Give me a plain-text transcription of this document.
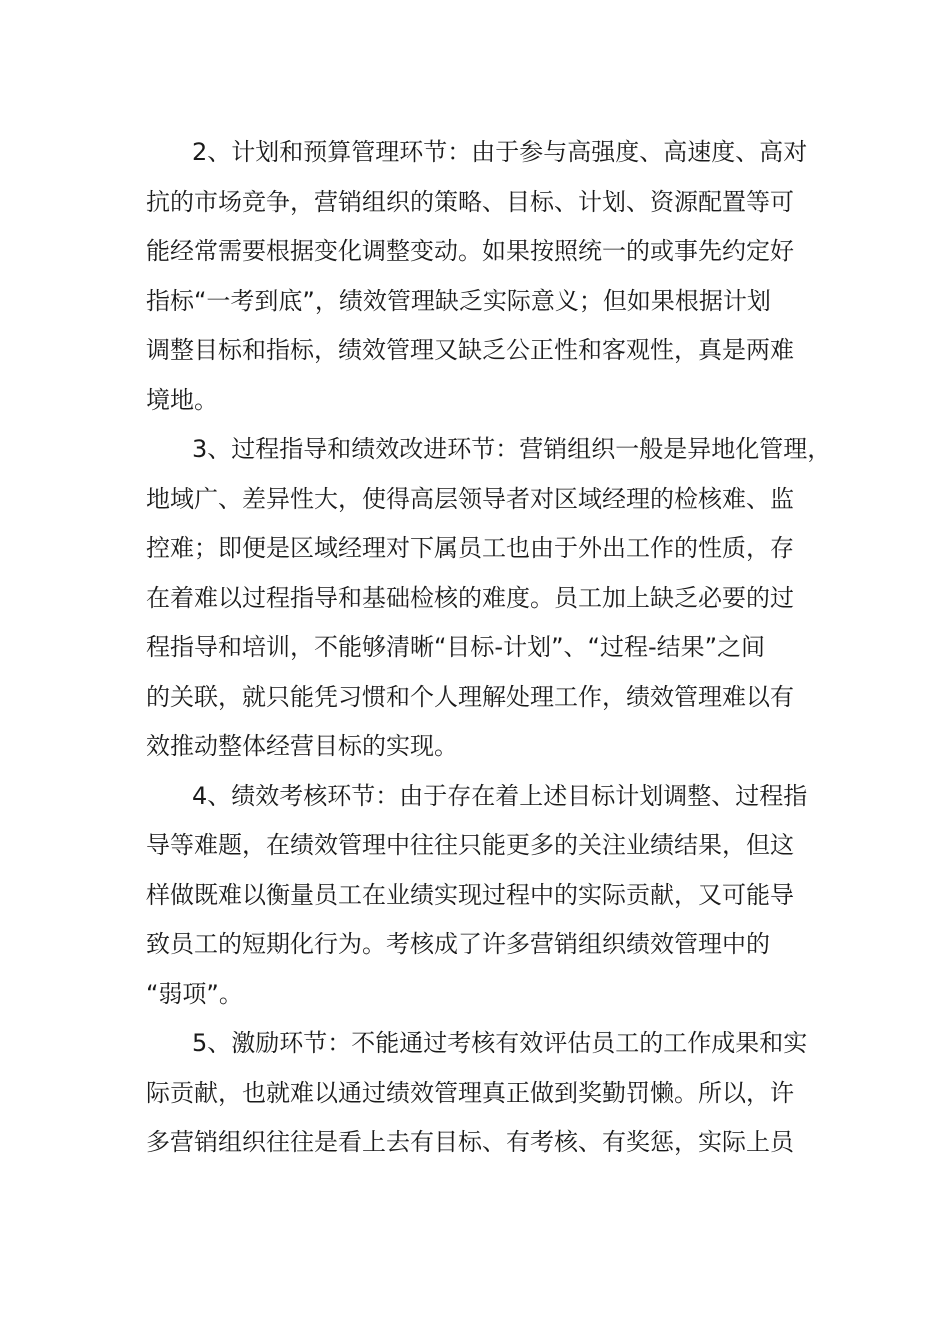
2、计划和预算管理环节：由于参与高强度、高速度、高对
抗的市场竞争，营销组织的策略、目标、计划、资源配置等可
能经常需要根据变化调整变动。如果按照统一的或事先约定好
指标“一考到底”，绩效管理缺乏实际意义；但如果根据计划
调整目标和指标，绩效管理又缺乏公正性和客观性，真是两难
境地。
3、过程指导和绩效改进环节：营销组织一般是异地化管理，
地域广、差异性大，使得高层领导者对区域经理的检核难、监
控难；即便是区域经理对下属员工也由于外出工作的性质，存
在着难以过程指导和基础检核的难度。员工加上缺乏必要的过
程指导和培训，不能够清晰“目标-计划”、“过程-结果”之间
的关联，就只能凭习惯和个人理解处理工作，绩效管理难以有
效推动整体经营目标的实现。
4、绩效考核环节：由于存在着上述目标计划调整、过程指
导等难题，在绩效管理中往往只能更多的关注业绩结果，但这
样做既难以衡量员工在业绩实现过程中的实际贡献，又可能导
致员工的短期化行为。考核成了许多营销组织绩效管理中的
“弱项”。
5、激励环节：不能通过考核有效评估员工的工作成果和实
际贡献，也就难以通过绩效管理真正做到奖勤罚懒。所以，许
多营销组织往往是看上去有目标、有考核、有奖惩，实际上员
